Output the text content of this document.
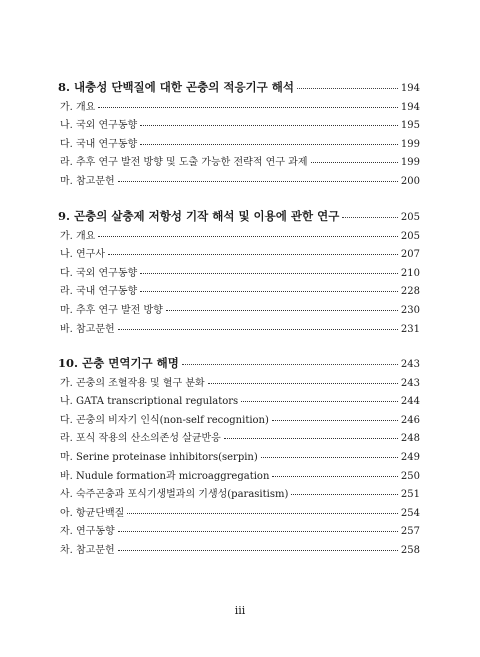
8. 내충성 단백질에 대한 곤충의 적응기구 해석	194
가. 개요	194
나. 국외 연구동향	195
다. 국내 연구동향	199
라. 추후 연구 발전 방향 및 도출 가능한 전략적 연구 과제	199
마. 참고문헌	200
9. 곤충의 살충제 저항성 기작 해석 및 이용에 관한 연구	205
가. 개요	205
나. 연구사	207
다. 국외 연구동향	210
라. 국내 연구동향	228
마. 추후 연구 발전 방향	230
바. 참고문헌	231
10. 곤충 면역기구 해명	243
가. 곤충의 조혈작용 및 혈구 분화	243
나. GATA transcriptional regulators	244
다. 곤충의 비자기 인식(non-self recognition)	246
라. 포식 작용의 산소의존성 살균반응	248
마. Serine proteinase inhibitors(serpin)	249
바. Nudule formation과 microaggregation	250
사. 숙주곤충과 포식기생벌과의 기생성(parasitism)	251
아. 항균단백질	254
자. 연구동향	257
차. 참고문헌	258
iii
